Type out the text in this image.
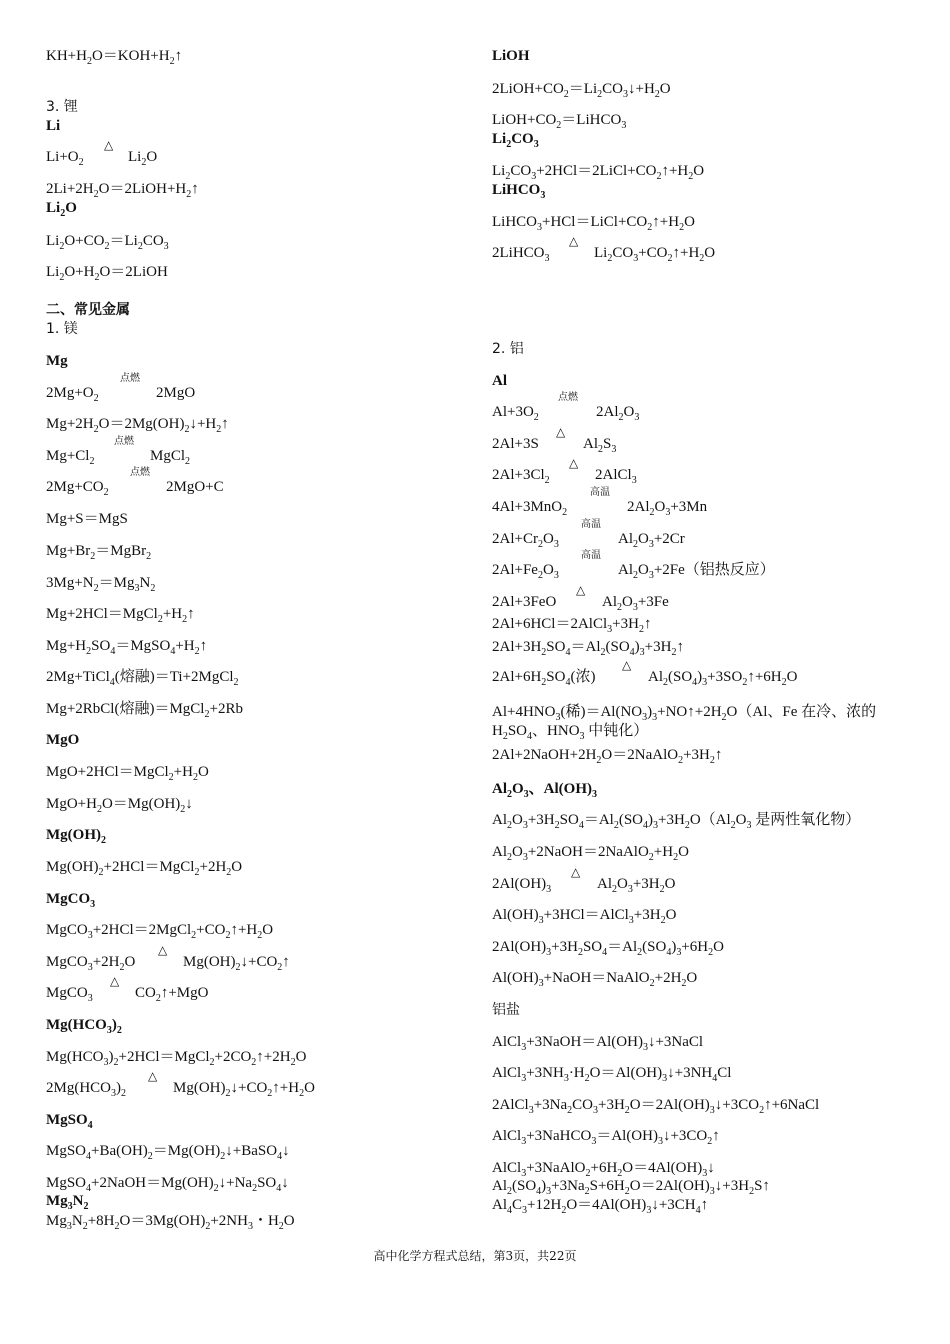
$KH+H_2O=KOH+H_2↑$
3. 锂
Li
$Li+O_2$
△
$Li_2O$
$2Li+2H_2O=2LiOH+H_2↑$
$Li_2O$
$Li_2O+CO_2=Li_2CO_3$
$Li_2O+H_2O=2LiOH$
二、常见金属
1. 镁
Mg
$2Mg+O_2$
点燃
2MgO
$Mg+2H_2O=2Mg(OH)_2↓+H_2↑$
$Mg+Cl_2$
点燃
MgCl$_2$
$2Mg+CO_2$
点燃
2MgO+C
Mg+S＝MgS
$Mg+Br_2=MgBr_2$
$3Mg+N_2=Mg_3N_2$
$Mg+2HCl=MgCl_2+H_2↑$
$Mg+H_2SO_4=MgSO_4+H_2↑$
2Mg+TiCl$_4$(熔融)＝Ti+2MgCl$_2$
Mg+2RbCl(熔融)＝MgCl$_2$+2Rb
MgO
$MgO+2HCl=MgCl_2+H_2O$
$MgO+H_2O=Mg(OH)_2↓$
$Mg(OH)_2$
$Mg(OH)_2+2HCl=MgCl_2+2H_2O$
MgCO$_3$
$MgCO_3+2HCl=2MgCl_2+CO_2↑+H_2O$
$MgCO_3+2H_2O$
△
$Mg(OH)_2↓+CO_2↑$
MgCO$_3$
△
$CO_2↑+MgO$
$Mg(HCO_3)_2$
$Mg(HCO_3)_2+2HCl=MgCl_2+2CO_2↑+2H_2O$
$2Mg(HCO_3)_2$
△
$Mg(OH)_2↓+CO_2↑+H_2O$
MgSO$_4$
$MgSO_4+Ba(OH)_2=Mg(OH)_2↓+BaSO_4↓$
$MgSO_4+2NaOH=Mg(OH)_2↓+Na_2SO_4↓$
$Mg_3N_2$
$Mg_3N_2+8H_2O=3Mg(OH)_2+2NH_3$・$H_2O$
LiOH
$2LiOH+CO_2=Li_2CO_3↓+H_2O$
$LiOH+CO_2=LiHCO_3$
$Li_2CO_3$
$Li_2CO_3+2HCl=2LiCl+CO_2↑+H_2O$
LiHCO$_3$
$LiHCO_3+HCl=LiCl+CO_2↑+H_2O$
2LiHCO$_3$
△
$Li_2CO_3+CO_2↑+H_2O$
2. 铝
Al
$Al+3O_2$
点燃
$2Al_2O_3$
2Al+3S
△
$Al_2S_3$
$2Al+3Cl_2$
△
2AlCl$_3$
4Al+3MnO$_2$
高温
$2Al_2O_3+3Mn$
$2Al+Cr_2O_3$
高温
$Al_2O_3+2Cr$
$2Al+Fe_2O_3$
高温
$Al_2O_3+2Fe$（铝热反应）
2Al+3FeO
△
$Al_2O_3+3Fe$
$2Al+6HCl=2AlCl_3+3H_2↑$
$2Al+3H_2SO_4=Al_2(SO_4)_3+3H_2↑$
$2Al+6H_2SO_4$(浓)
△
$Al_2(SO_4)_3+3SO_2↑+6H_2O$
$Al+4HNO_3$(稀)$=Al(NO_3)_3+NO↑+2H_2O(Al$、Fe 在冷、浓的 $H_2SO_4$、$HNO_3$ 中钝化）
$2Al+2NaOH+2H_2O=2NaAlO_2+3H_2↑$
$Al_2O_3$、$Al(OH)_3$
$Al_2O_3+3H_2SO_4=Al_2(SO_4)_3+3H_2O(Al_2O_3$ 是两性氧化物）
$Al_2O_3+2NaOH=2NaAlO_2+H_2O$
$2Al(OH)_3$
△
$Al_2O_3+3H_2O$
$Al(OH)_3+3HCl=AlCl_3+3H_2O$
$2Al(OH)_3+3H_2SO_4=Al_2(SO_4)_3+6H_2O$
$Al(OH)_3+NaOH=NaAlO_2+2H_2O$
铝盐
$AlCl_3+3NaOH=Al(OH)_3↓+3NaCl$
$AlCl_3+3NH_3\cdot H_2O=Al(OH)_3↓+3NH_4Cl$
$2AlCl_3+3Na_2CO_3+3H_2O=2Al(OH)_3↓+3CO_2↑+6NaCl$
$AlCl_3+3NaHCO_3=Al(OH)_3↓+3CO_2↑$
$AlCl_3+3NaAlO_2+6H_2O=4Al(OH)_3↓$
$Al_2(SO_4)_3+3Na_2S+6H_2O=2Al(OH)_3↓+3H_2S↑$
$Al_4C_3+12H_2O=4Al(OH)_3↓+3CH_4↑$
高中化学方程式总结，第3页，共22页
